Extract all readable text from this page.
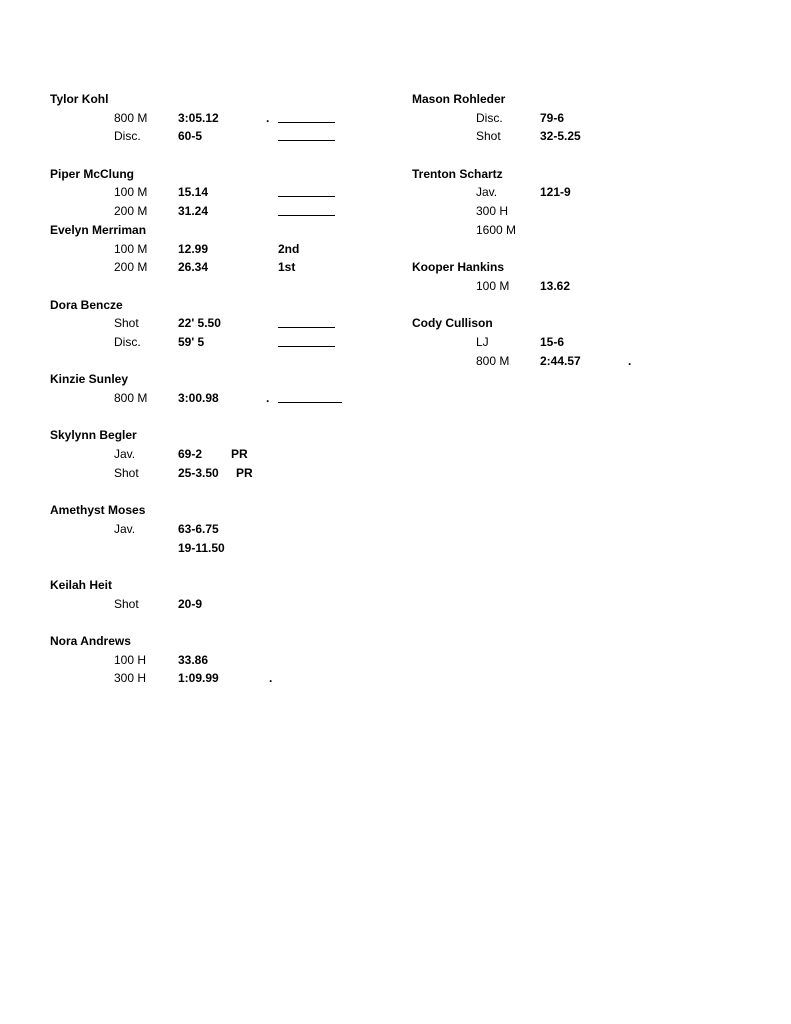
Tylor Kohl
800 M	3:05.12	.
Disc.	60-5
Piper McClung
100 M	15.14
200 M	31.24
Evelyn Merriman
100 M	12.99	2nd
200 M	26.34	1st
Dora Bencze
Shot	22' 5.50
Disc.	59' 5
Kinzie Sunley
800 M	3:00.98	.
Skylynn Begler
Jav.	69-2 PR
Shot	25-3.50 PR
Amethyst Moses
Jav.	63-6.75
19-11.50
Keilah Heit
Shot	20-9
Nora Andrews
100 H	33.86
300 H	1:09.99	.
Mason Rohleder
Disc.	79-6
Shot	32-5.25
Trenton Schartz
Jav.	121-9
300 H
1600 M
Kooper Hankins
100 M	13.62
Cody Cullison
LJ	15-6
800 M	2:44.57	.
